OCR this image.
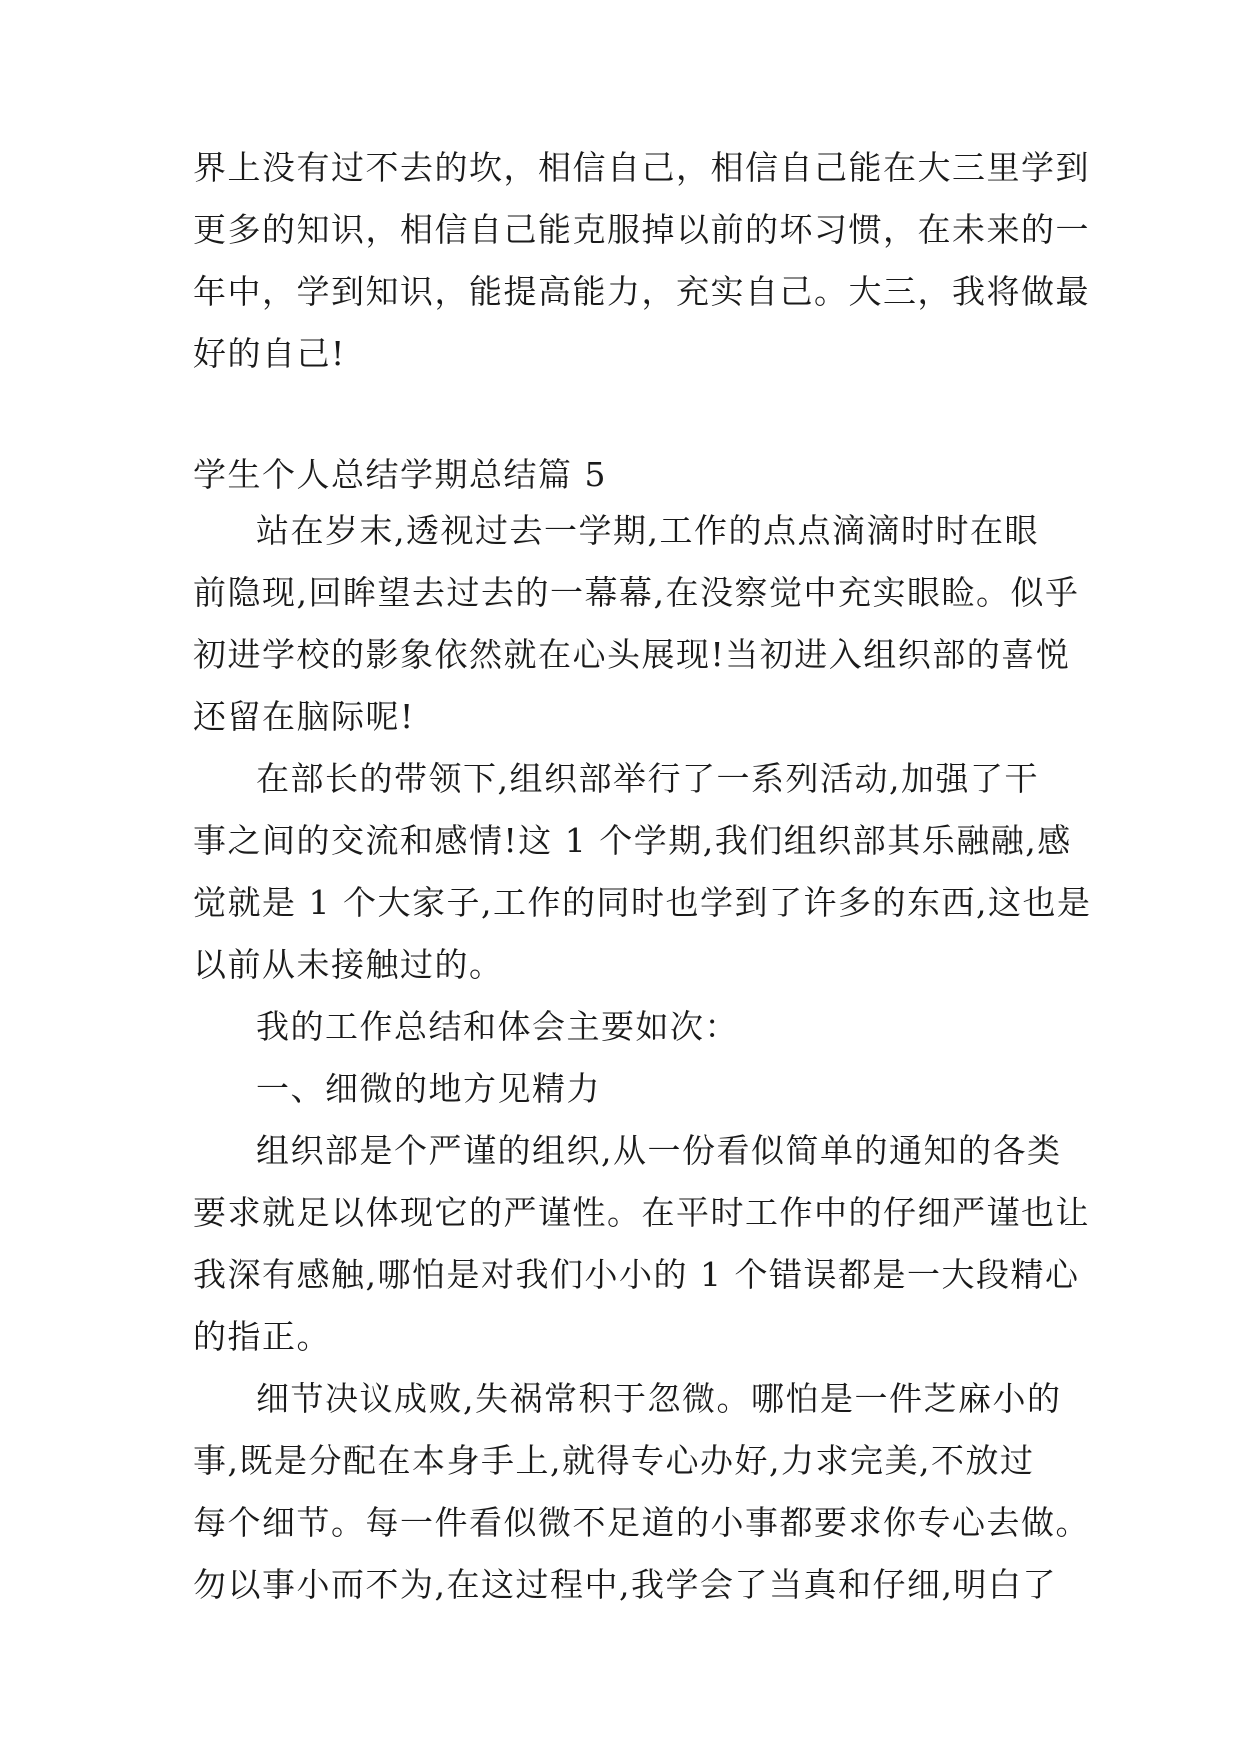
界上没有过不去的坎，相信自己，相信自己能在大三里学到
更多的知识，相信自己能克服掉以前的坏习惯，在未来的一
年中，学到知识，能提高能力，充实自己。大三，我将做最
好的自己!
学生个人总结学期总结篇 5
站在岁末,透视过去一学期,工作的点点滴滴时时在眼
前隐现,回眸望去过去的一幕幕,在没察觉中充实眼睑。似乎
初进学校的影象依然就在心头展现!当初进入组织部的喜悦
还留在脑际呢!
在部长的带领下,组织部举行了一系列活动,加强了干
事之间的交流和感情!这 1 个学期,我们组织部其乐融融,感
觉就是 1 个大家子,工作的同时也学到了许多的东西,这也是
以前从未接触过的。
我的工作总结和体会主要如次：
一、细微的地方见精力
组织部是个严谨的组织,从一份看似简单的通知的各类
要求就足以体现它的严谨性。在平时工作中的仔细严谨也让
我深有感触,哪怕是对我们小小的 1 个错误都是一大段精心
的指正。
细节决议成败,失祸常积于忽微。哪怕是一件芝麻小的
事,既是分配在本身手上,就得专心办好,力求完美,不放过
每个细节。每一件看似微不足道的小事都要求你专心去做。
勿以事小而不为,在这过程中,我学会了当真和仔细,明白了
